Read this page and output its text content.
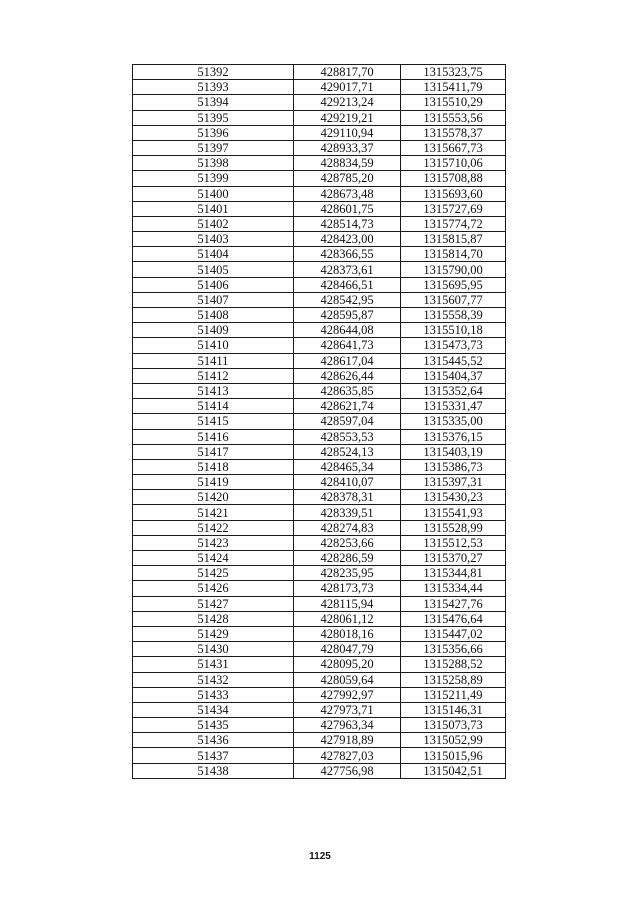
51392	428817,70	1315323,75
51393	429017,71	1315411,79
51394	429213,24	1315510,29
51395	429219,21	1315553,56
51396	429110,94	1315578,37
51397	428933,37	1315667,73
51398	428834,59	1315710,06
51399	428785,20	1315708,88
51400	428673,48	1315693,60
51401	428601,75	1315727,69
51402	428514,73	1315774,72
51403	428423,00	1315815,87
51404	428366,55	1315814,70
51405	428373,61	1315790,00
51406	428466,51	1315695,95
51407	428542,95	1315607,77
51408	428595,87	1315558,39
51409	428644,08	1315510,18
51410	428641,73	1315473,73
51411	428617,04	1315445,52
51412	428626,44	1315404,37
51413	428635,85	1315352,64
51414	428621,74	1315331,47
51415	428597,04	1315335,00
51416	428553,53	1315376,15
51417	428524,13	1315403,19
51418	428465,34	1315386,73
51419	428410,07	1315397,31
51420	428378,31	1315430,23
51421	428339,51	1315541,93
51422	428274,83	1315528,99
51423	428253,66	1315512,53
51424	428286,59	1315370,27
51425	428235,95	1315344,81
51426	428173,73	1315334,44
51427	428115,94	1315427,76
51428	428061,12	1315476,64
51429	428018,16	1315447,02
51430	428047,79	1315356,66
51431	428095,20	1315288,52
51432	428059,64	1315258,89
51433	427992,97	1315211,49
51434	427973,71	1315146,31
51435	427963,34	1315073,73
51436	427918,89	1315052,99
51437	427827,03	1315015,96
51438	427756,98	1315042,51
1125
